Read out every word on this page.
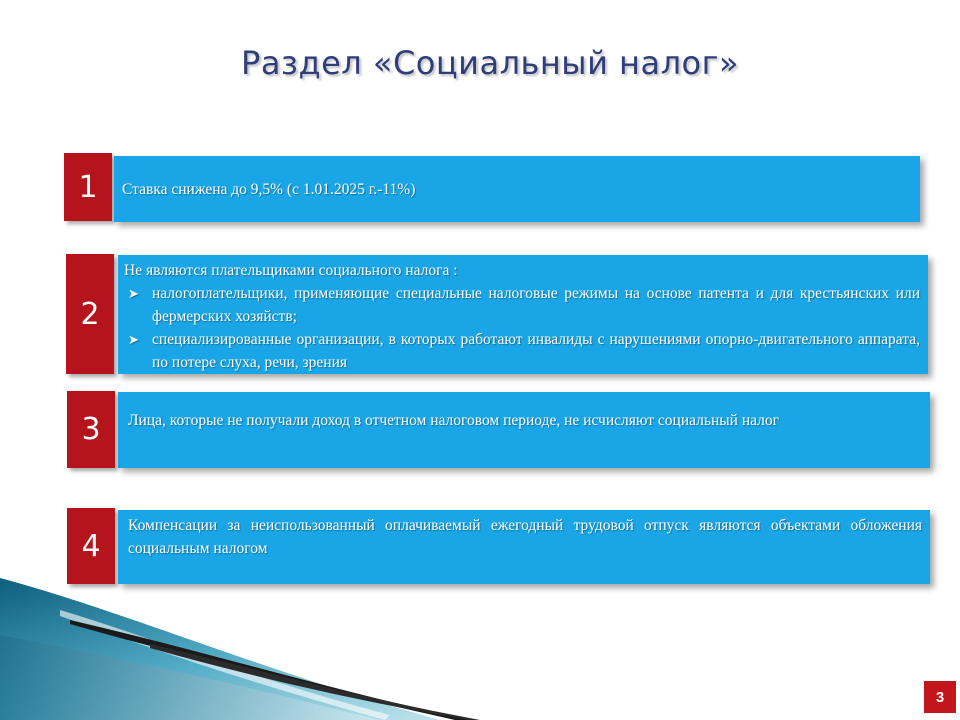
Раздел «Социальный налог»
1	Ставка снижена до 9,5% (с 1.01.2025 г.-11%)
2
Не являются плательщиками социального налога :
➤ налогоплательщики, применяющие специальные налоговые режимы на основе патента и для крестьянских или фермерских хозяйств;
➤ специализированные организации, в которых работают инвалиды с нарушениями опорно-двигательного аппарата, по потере слуха, речи, зрения
3	Лица, которые не получали доход в отчетном налоговом периоде, не исчисляют социальный налог
4
Компенсации за неиспользованный оплачиваемый ежегодный трудовой отпуск являются объектами обложения социальным налогом
3
